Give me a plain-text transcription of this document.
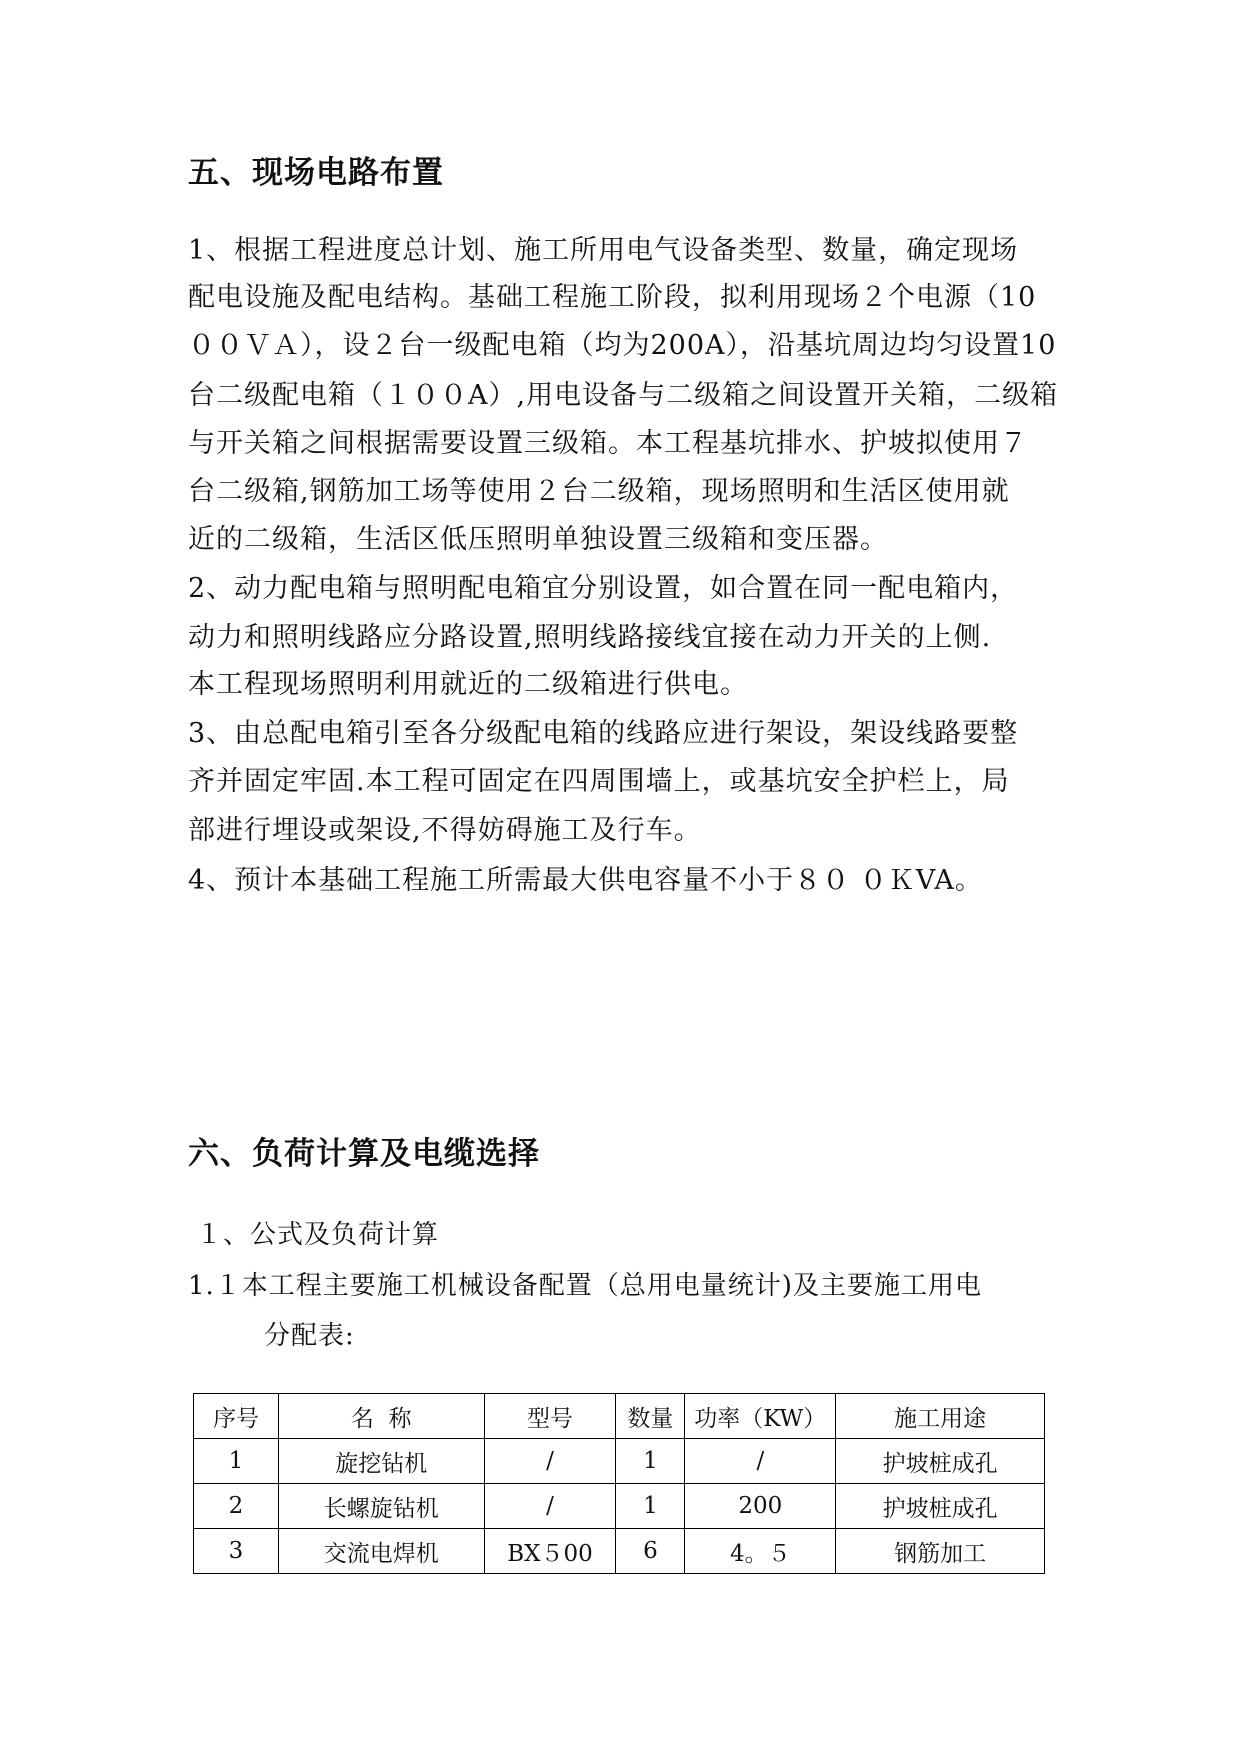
五、现场电路布置

1、根据工程进度总计划、施工所用电气设备类型、数量，确定现场

配电设施及配电结构。基础工程施工阶段，拟利用现场２个电源（10

００ＶＡ），设２台一级配电箱（均为200A），沿基坑周边均匀设置10

台二级配电箱（１００A）,用电设备与二级箱之间设置开关箱，二级箱

与开关箱之间根据需要设置三级箱。本工程基坑排水、护坡拟使用７

台二级箱,钢筋加工场等使用２台二级箱，现场照明和生活区使用就

近的二级箱，生活区低压照明单独设置三级箱和变压器。

2、动力配电箱与照明配电箱宜分别设置，如合置在同一配电箱内，

动力和照明线路应分路设置,照明线路接线宜接在动力开关的上侧.

本工程现场照明利用就近的二级箱进行供电。

3、由总配电箱引至各分级配电箱的线路应进行架设，架设线路要整

齐并固定牢固.本工程可固定在四周围墙上，或基坑安全护栏上，局

部进行埋设或架设,不得妨碍施工及行车。

4、预计本基础工程施工所需最大供电容量不小于８０ ０ＫVA。

六、负荷计算及电缆选择

１、公式及负荷计算

1.１本工程主要施工机械设备配置（总用电量统计)及主要施工用电

分配表:

序号	名  称	型号	数量	功率（KW）	施工用途
1	旋挖钻机	/	1	/	护坡桩成孔
2	长螺旋钻机	/	1	200	护坡桩成孔
3	交流电焊机	BX５00	6	4。５	钢筋加工
